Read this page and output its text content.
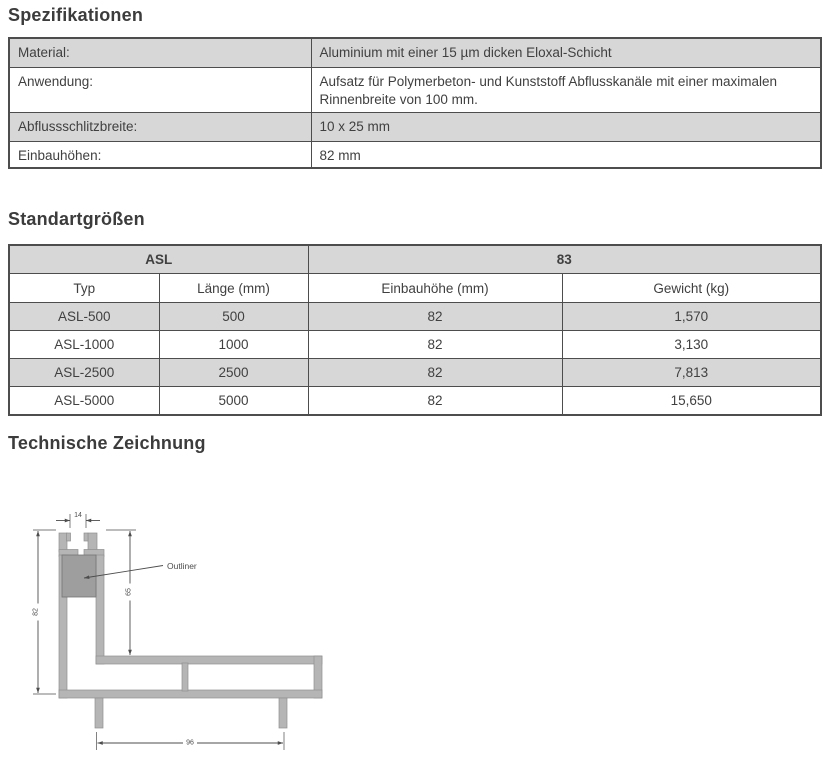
Spezifikationen
Material:	Aluminium mit einer 15 µm dicken Eloxal-Schicht
Anwendung:	Aufsatz für Polymerbeton- und Kunststoff Abflusskanäle mit einer maximalen Rinnenbreite von 100 mm.
Abflussschlitzbreite:	10 x 25 mm
Einbauhöhen:	82 mm
Standartgrößen
ASL		83	
Typ	Länge (mm)	Einbauhöhe (mm)	Gewicht (kg)
ASL-500	500	82	1,570
ASL-1000	1000	82	3,130
ASL-2500	2500	82	7,813
ASL-5000	5000	82	15,650
Technische Zeichnung
14
82
65
96
Outliner
